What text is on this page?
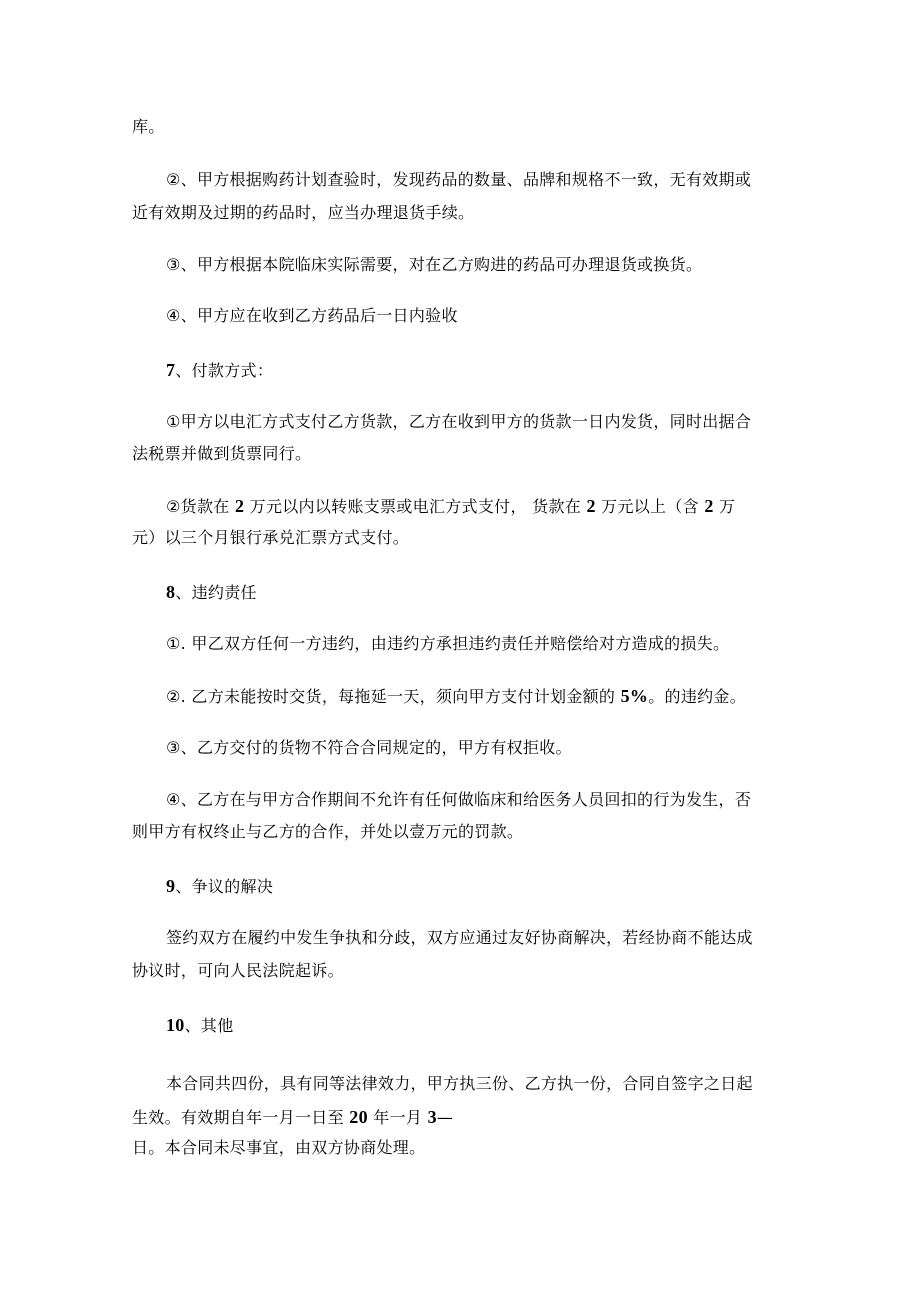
库。
②、甲方根据购药计划查验时，发现药品的数量、品牌和规格不一致，无有效期或
近有效期及过期的药品时，应当办理退货手续。
③、甲方根据本院临床实际需要，对在乙方购进的药品可办理退货或换货。
④、甲方应在收到乙方药品后一日内验收
7、付款方式：
①甲方以电汇方式支付乙方货款，乙方在收到甲方的货款一日内发货，同时出据合
法税票并做到货票同行。
②货款在 2 万元以内以转账支票或电汇方式支付， 货款在 2 万元以上（含 2 万
元）以三个月银行承兑汇票方式支付。
8、违约责任
①. 甲乙双方任何一方违约，由违约方承担违约责任并赔偿给对方造成的损失。
②. 乙方未能按时交货，每拖延一天，须向甲方支付计划金额的 5%。的违约金。
③、乙方交付的货物不符合合同规定的，甲方有权拒收。
④、乙方在与甲方合作期间不允许有任何做临床和给医务人员回扣的行为发生，否
则甲方有权终止与乙方的合作，并处以壹万元的罚款。
9、争议的解决
签约双方在履约中发生争执和分歧，双方应通过友好协商解决，若经协商不能达成
协议时，可向人民法院起诉。
10、其他
本合同共四份，具有同等法律效力，甲方执三份、乙方执一份，合同自签字之日起
生效。有效期自年一月一日至 20 年一月 3—
日。本合同未尽事宜，由双方协商处理。
